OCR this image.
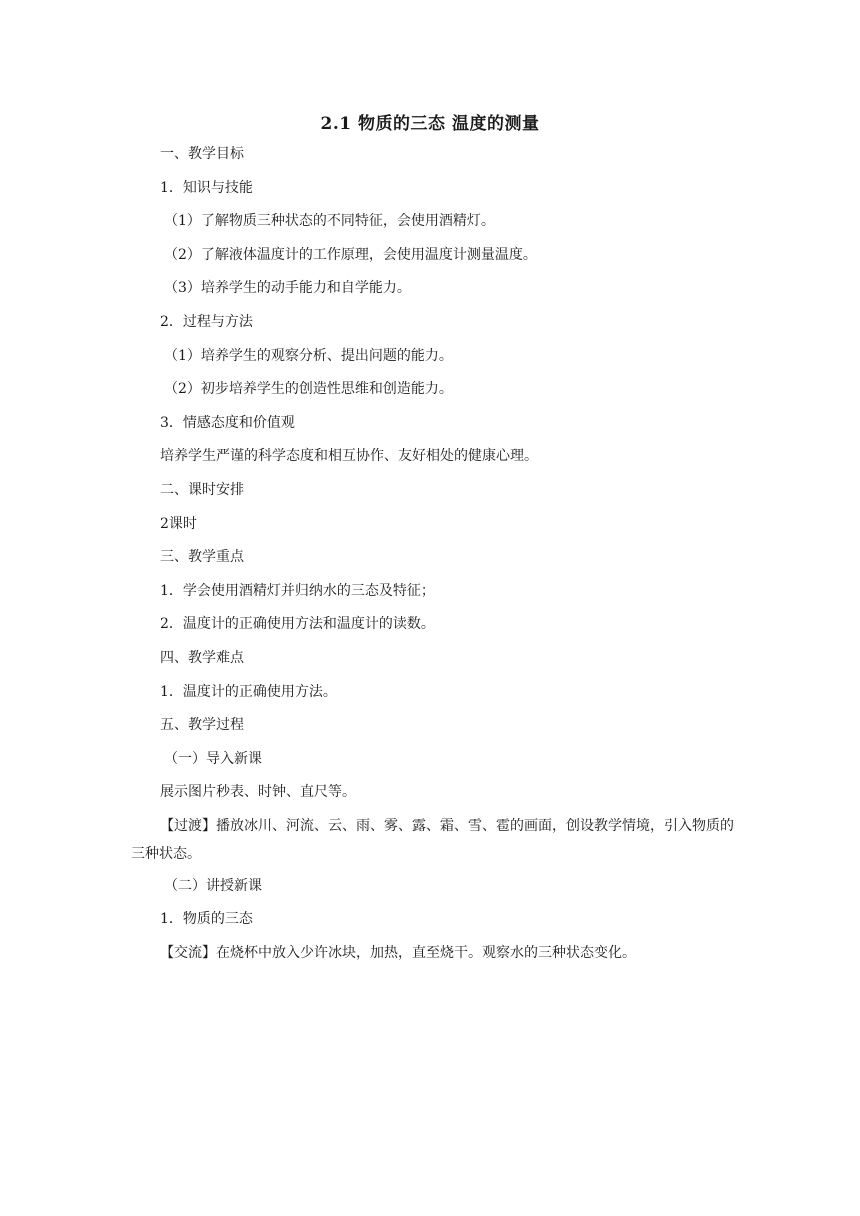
2.1 物质的三态 温度的测量

一、教学目标

1．知识与技能

（1）了解物质三种状态的不同特征，会使用酒精灯。

（2）了解液体温度计的工作原理，会使用温度计测量温度。

（3）培养学生的动手能力和自学能力。

2．过程与方法

（1）培养学生的观察分析、提出问题的能力。

（2）初步培养学生的创造性思维和创造能力。

3．情感态度和价值观

培养学生严谨的科学态度和相互协作、友好相处的健康心理。

二、课时安排

2课时

三、教学重点

1．学会使用酒精灯并归纳水的三态及特征；

2．温度计的正确使用方法和温度计的读数。

四、教学难点

1．温度计的正确使用方法。

五、教学过程

（一）导入新课

展示图片秒表、时钟、直尺等。

【过渡】播放冰川、河流、云、雨、雾、露、霜、雪、雹的画面，创设教学情境，引入物质的三种状态。

（二）讲授新课

1．物质的三态

【交流】在烧杯中放入少许冰块，加热，直至烧干。观察水的三种状态变化。
